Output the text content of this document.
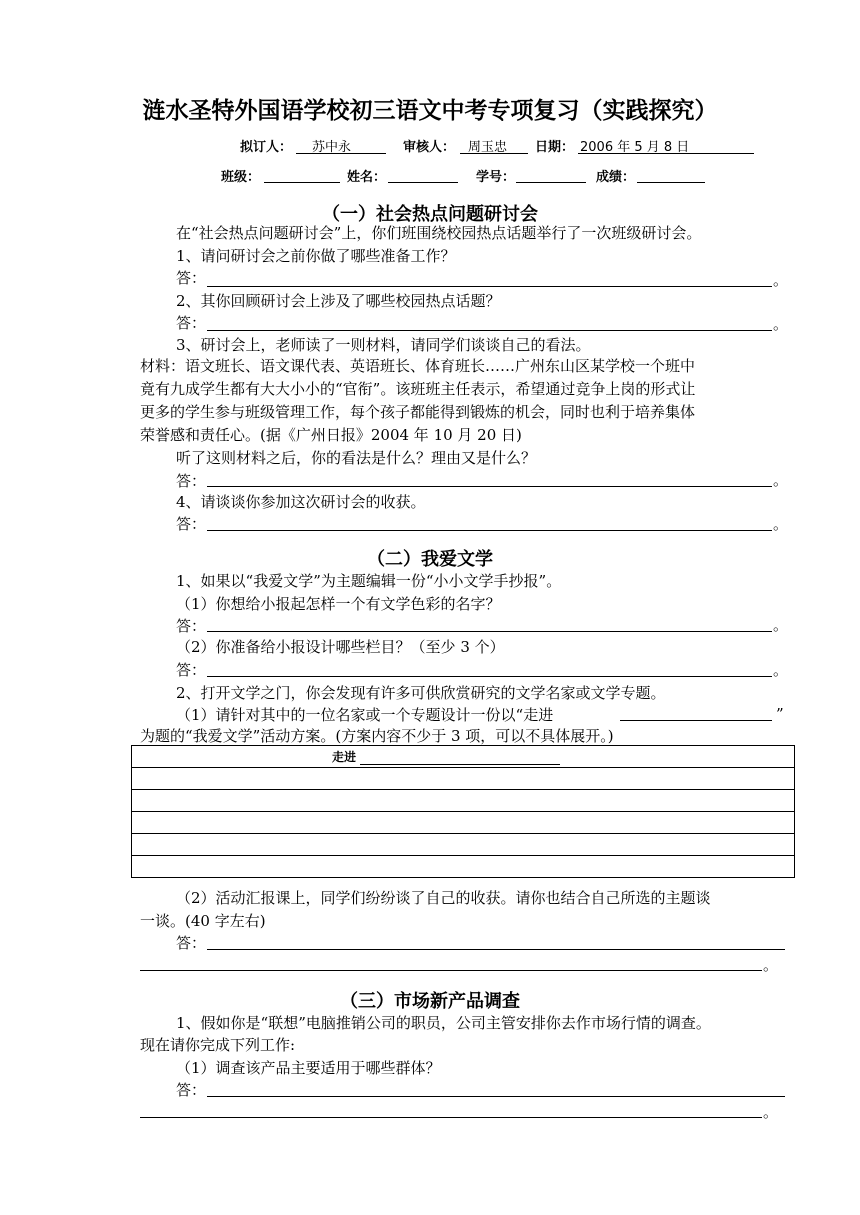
涟水圣特外国语学校初三语文中考专项复习（实践探究）
拟订人： 苏中永	审核人： 周玉忠 日期： 2006 年 5 月 8 日
班级：	姓名：	学号：	成绩：
（一）社会热点问题研讨会
在“社会热点问题研讨会”上，你们班围绕校园热点话题举行了一次班级研讨会。
1、请问研讨会之前你做了哪些准备工作？
答：	。
2、其你回顾研讨会上涉及了哪些校园热点话题？
答：	。
3、研讨会上，老师读了一则材料，请同学们谈谈自己的看法。
材料：语文班长、语文课代表、英语班长、体育班长……广州东山区某学校一个班中
竟有九成学生都有大大小小的“官衔”。该班班主任表示，希望通过竞争上岗的形式让
更多的学生参与班级管理工作，每个孩子都能得到锻炼的机会，同时也利于培养集体
荣誉感和责任心。(据《广州日报》2004 年 10 月 20 日)
听了这则材料之后，你的看法是什么？理由又是什么？
答：	。
4、请谈谈你参加这次研讨会的收获。
答：	。
（二）我爱文学
1、如果以“我爱文学”为主题编辑一份“小小文学手抄报”。
（1）你想给小报起怎样一个有文学色彩的名字？
答：	。
（2）你准备给小报设计哪些栏目？（至少 3 个）
答：	。
2、打开文学之门，你会发现有许多可供欣赏研究的文学名家或文学专题。
（1）请针对其中的一位名家或一个专题设计一份以“走进	”
为题的“我爱文学”活动方案。(方案内容不少于 3 项，可以不具体展开。)
走进

（2）活动汇报课上，同学们纷纷谈了自己的收获。请你也结合自己所选的主题谈
一谈。(40 字左右)
答：
。
（三）市场新产品调查
1、假如你是“联想”电脑推销公司的职员，公司主管安排你去作市场行情的调查。
现在请你完成下列工作:
（1）调查该产品主要适用于哪些群体？
答：
。
